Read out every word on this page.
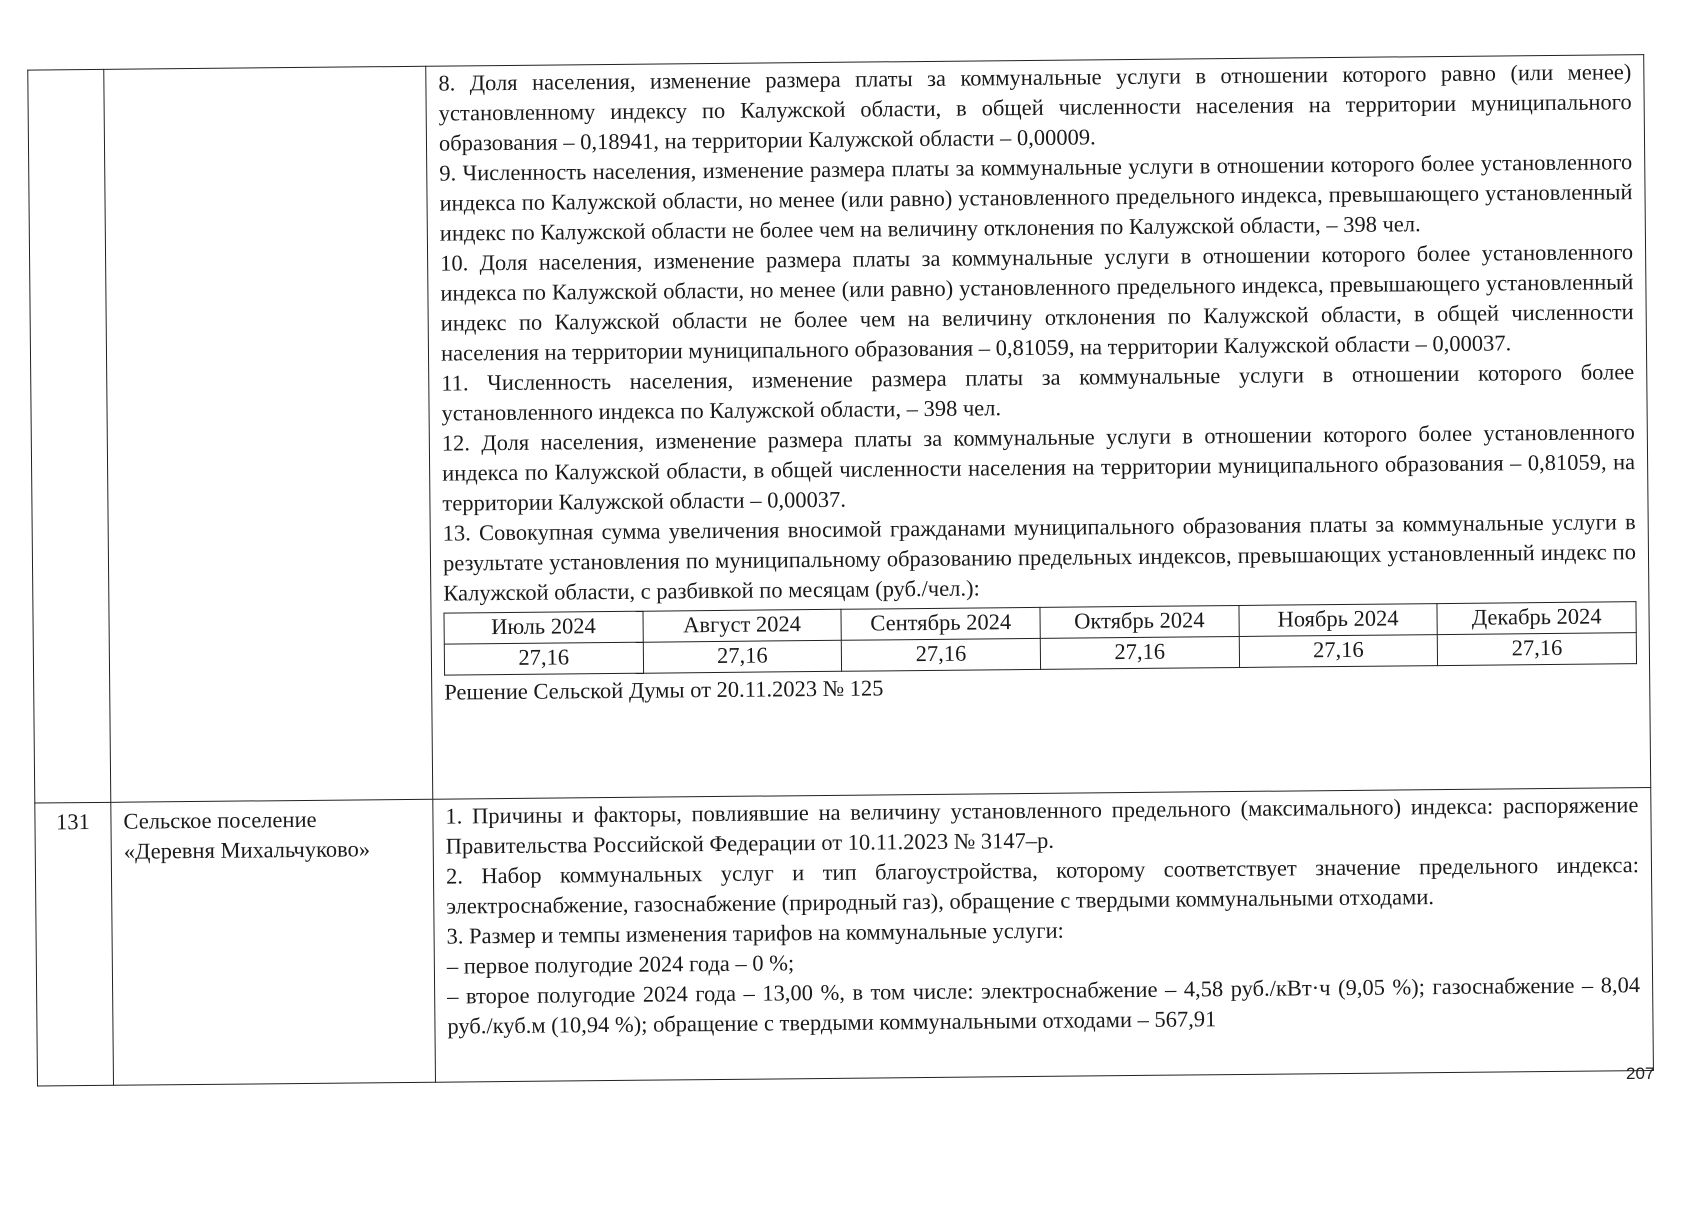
8. Доля населения, изменение размера платы за коммунальные услуги в отношении которого равно (или менее) установленному индексу по Калужской области, в общей численности населения на территории муниципального образования – 0,18941, на территории Калужской области – 0,00009.

9. Численность населения, изменение размера платы за коммунальные услуги в отношении которого более установленного индекса по Калужской области, но менее (или равно) установленного предельного индекса, превышающего установленный индекс по Калужской области не более чем на величину отклонения по Калужской области, – 398 чел.

10. Доля населения, изменение размера платы за коммунальные услуги в отношении которого более установленного индекса по Калужской области, но менее (или равно) установленного предельного индекса, превышающего установленный индекс по Калужской области не более чем на величину отклонения по Калужской области, в общей численности населения на территории муниципального образования – 0,81059, на территории Калужской области – 0,00037.

11. Численность населения, изменение размера платы за коммунальные услуги в отношении которого более установленного индекса по Калужской области, – 398 чел.

12. Доля населения, изменение размера платы за коммунальные услуги в отношении которого более установленного индекса по Калужской области, в общей численности населения на территории муниципального образования – 0,81059, на территории Калужской области – 0,00037.

13. Совокупная сумма увеличения вносимой гражданами муниципального образования платы за коммунальные услуги в результате установления по муниципальному образованию предельных индексов, превышающих установленный индекс по Калужской области, с разбивкой по месяцам (руб./чел.):

Июль 2024	Август 2024	Сентябрь 2024	Октябрь 2024	Ноябрь 2024	Декабрь 2024
27,16	27,16	27,16	27,16	27,16	27,16

Решение Сельской Думы от 20.11.2023 № 125

131	Сельское поселение
«Деревня Михальчуково»

1. Причины и факторы, повлиявшие на величину установленного предельного (максимального) индекса: распоряжение Правительства Российской Федерации от 10.11.2023 № 3147–р.

2. Набор коммунальных услуг и тип благоустройства, которому соответствует значение предельного индекса: электроснабжение, газоснабжение (природный газ), обращение с твердыми коммунальными отходами.

3. Размер и темпы изменения тарифов на коммунальные услуги:

– первое полугодие 2024 года – 0 %;

– второе полугодие 2024 года – 13,00 %, в том числе: электроснабжение – 4,58 руб./кВт·ч (9,05 %); газоснабжение – 8,04 руб./куб.м (10,94 %); обращение с твердыми коммунальными отходами – 567,91

207
